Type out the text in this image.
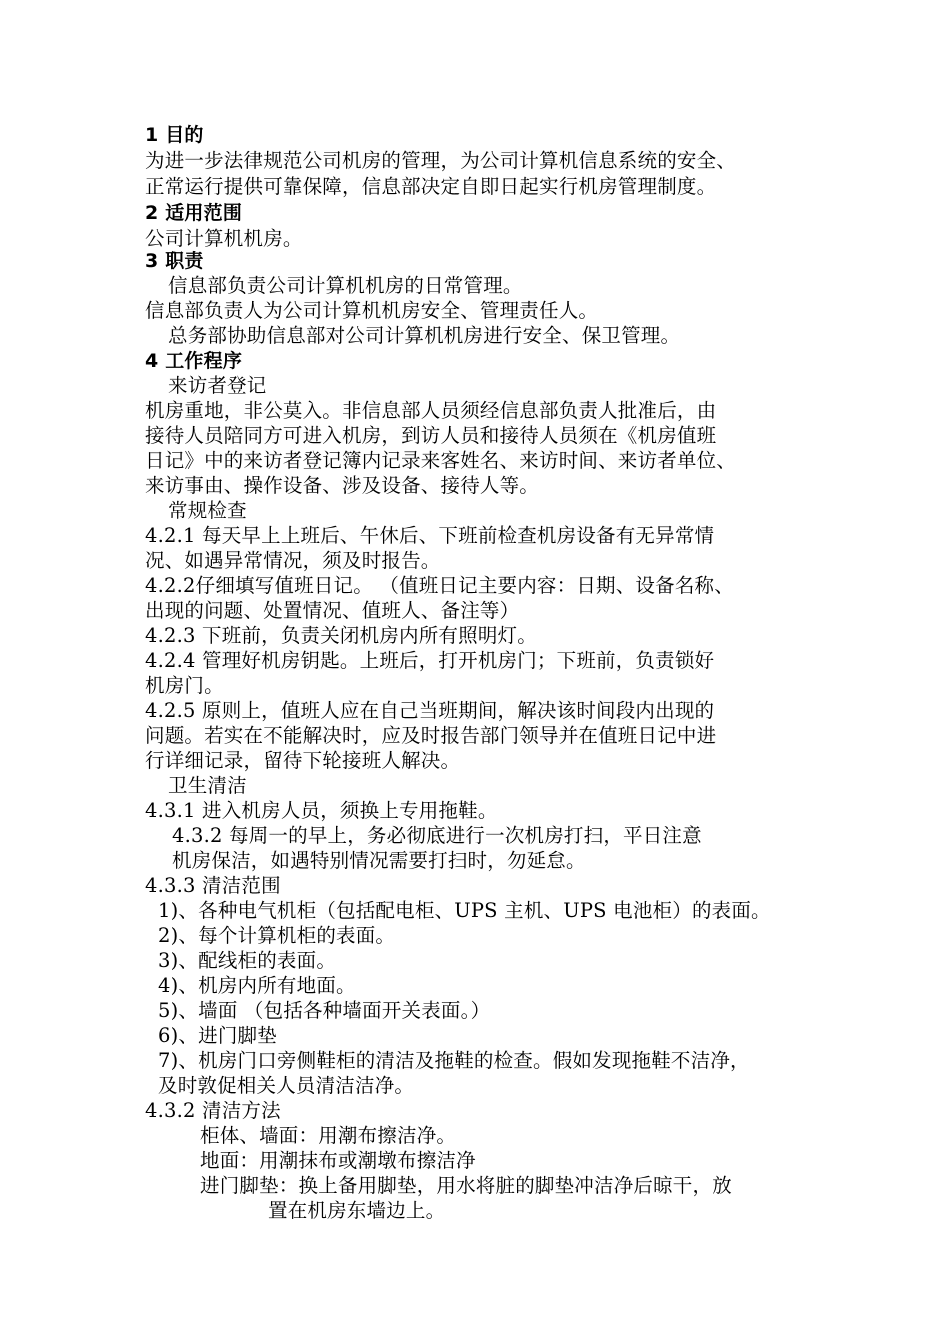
1 目的
为进一步法律规范公司机房的管理，为公司计算机信息系统的安全、
正常运行提供可靠保障，信息部决定自即日起实行机房管理制度。
2 适用范围
公司计算机机房。
3 职责
信息部负责公司计算机机房的日常管理。
信息部负责人为公司计算机机房安全、管理责任人。
总务部协助信息部对公司计算机机房进行安全、保卫管理。
4 工作程序
来访者登记
机房重地，非公莫入。非信息部人员须经信息部负责人批准后，由
接待人员陪同方可进入机房，到访人员和接待人员须在《机房值班
日记》中的来访者登记簿内记录来客姓名、来访时间、来访者单位、
来访事由、操作设备、涉及设备、接待人等。
常规检查
4.2.1 每天早上上班后、午休后、下班前检查机房设备有无异常情
况、如遇异常情况，须及时报告。
4.2.2仔细填写值班日记。 （值班日记主要内容：日期、设备名称、
出现的问题、处置情况、值班人、备注等）
4.2.3 下班前，负责关闭机房内所有照明灯。
4.2.4 管理好机房钥匙。上班后，打开机房门；下班前，负责锁好
机房门。
4.2.5 原则上，值班人应在自己当班期间，解决该时间段内出现的
问题。若实在不能解决时，应及时报告部门领导并在值班日记中进
行详细记录，留待下轮接班人解决。
卫生清洁
4.3.1 进入机房人员，须换上专用拖鞋。
4.3.2 每周一的早上，务必彻底进行一次机房打扫，平日注意
机房保洁，如遇特别情况需要打扫时，勿延怠。
4.3.3 清洁范围
1)、各种电气机柜（包括配电柜、UPS 主机、UPS 电池柜）的表面。
2)、每个计算机柜的表面。
3)、配线柜的表面。
4)、机房内所有地面。
5)、墙面 （包括各种墙面开关表面。）
6)、进门脚垫
7)、机房门口旁侧鞋柜的清洁及拖鞋的检查。假如发现拖鞋不洁净，
及时敦促相关人员清洁洁净。
4.3.2 清洁方法
柜体、墙面：用潮布擦洁净。
地面：用潮抹布或潮墩布擦洁净
进门脚垫：换上备用脚垫，用水将脏的脚垫冲洁净后晾干，放
置在机房东墙边上。
